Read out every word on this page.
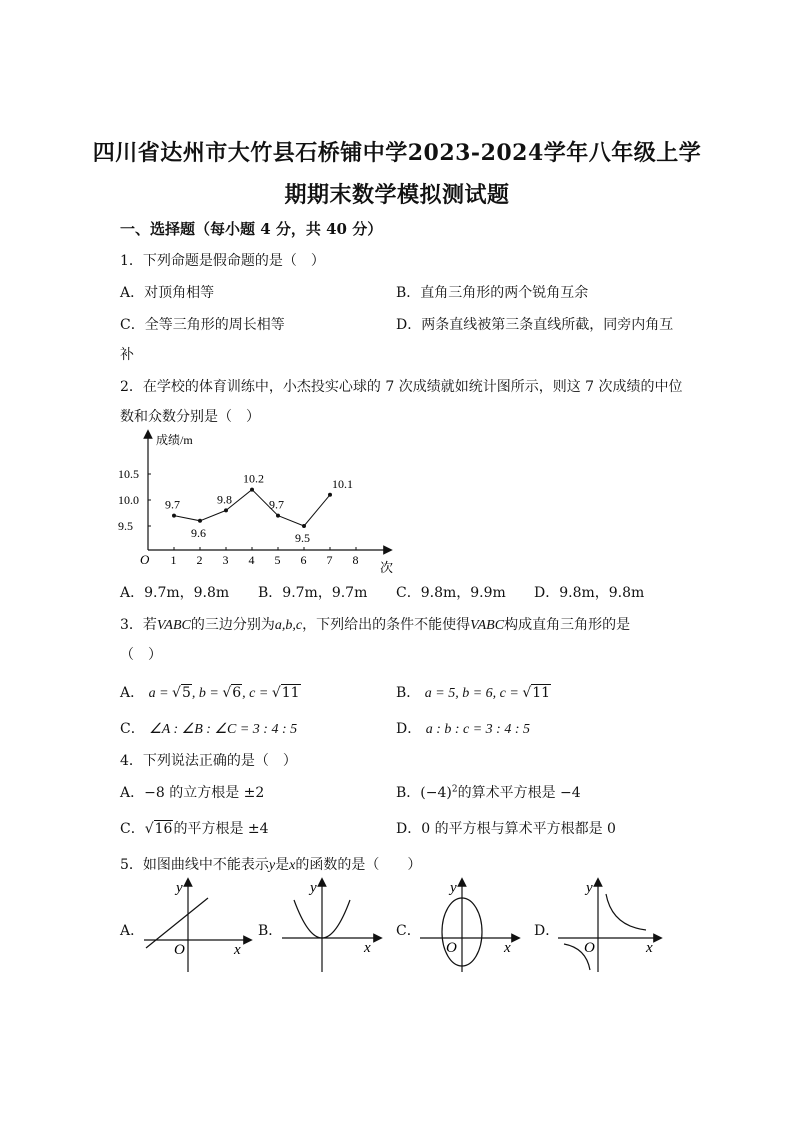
四川省达州市大竹县石桥铺中学2023-2024学年八年级上学
期期末数学模拟测试题
一、选择题（每小题 4 分，共 40 分）
1．下列命题是假命题的是（　）
A．对顶角相等	B．直角三角形的两个锐角互余
C．全等三角形的周长相等	D．两条直线被第三条直线所截，同旁内角互
补
2．在学校的体育训练中，小杰投实心球的 7 次成绩就如统计图所示，则这 7 次成绩的中位
数和众数分别是（　）
成绩/m
次
O 1 2 3 4 5 6 7 8
9.5
10.0
10.5
9.7
9.6
9.8
10.2
9.7
9.5
10.1
A．9.7m，9.8m B．9.7m，9.7m C．9.8m，9.9m D．9.8m，9.8m
3．若VABC的三边分别为a,b,c，下列给出的条件不能使得VABC构成直角三角形的是
（　）
A． a = √5, b = √6, c = √11	B． a = 5, b = 6, c = √11
C． ∠A : ∠B : ∠C = 3 : 4 : 5	D． a : b : c = 3 : 4 : 5
4．下列说法正确的是（　）
A．−8 的立方根是 ±2	B．$(-4)^2$的算术平方根是 −4
C．√16的平方根是 ±4	D．0 的平方根与算术平方根都是 0
5．如图曲线中不能表示y是x的函数的是（　　）
A．	B．	C．	D．
y
x
O
y
x
y
x
O
y
x
O
